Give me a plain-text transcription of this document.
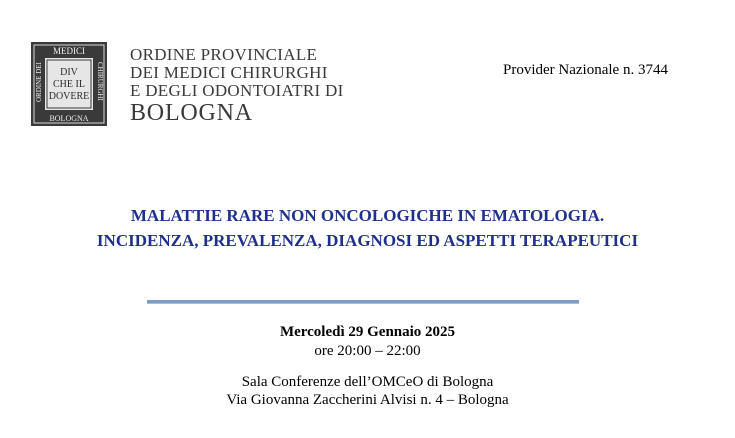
MEDICI
BOLOGNA
ORDINE DEI	CHIRURGHI
DIV
CHE IL
DOVERE
ORDINE PROVINCIALE
DEI MEDICI CHIRURGHI
E DEGLI ODONTOIATRI DI
BOLOGNA
Provider Nazionale n. 3744
MALATTIE RARE NON ONCOLOGICHE IN EMATOLOGIA.
INCIDENZA, PREVALENZA, DIAGNOSI ED ASPETTI TERAPEUTICI
Mercoledì 29 Gennaio 2025
ore 20:00 – 22:00
Sala Conferenze dell’OMCeO di Bologna
Via Giovanna Zaccherini Alvisi n. 4 – Bologna
